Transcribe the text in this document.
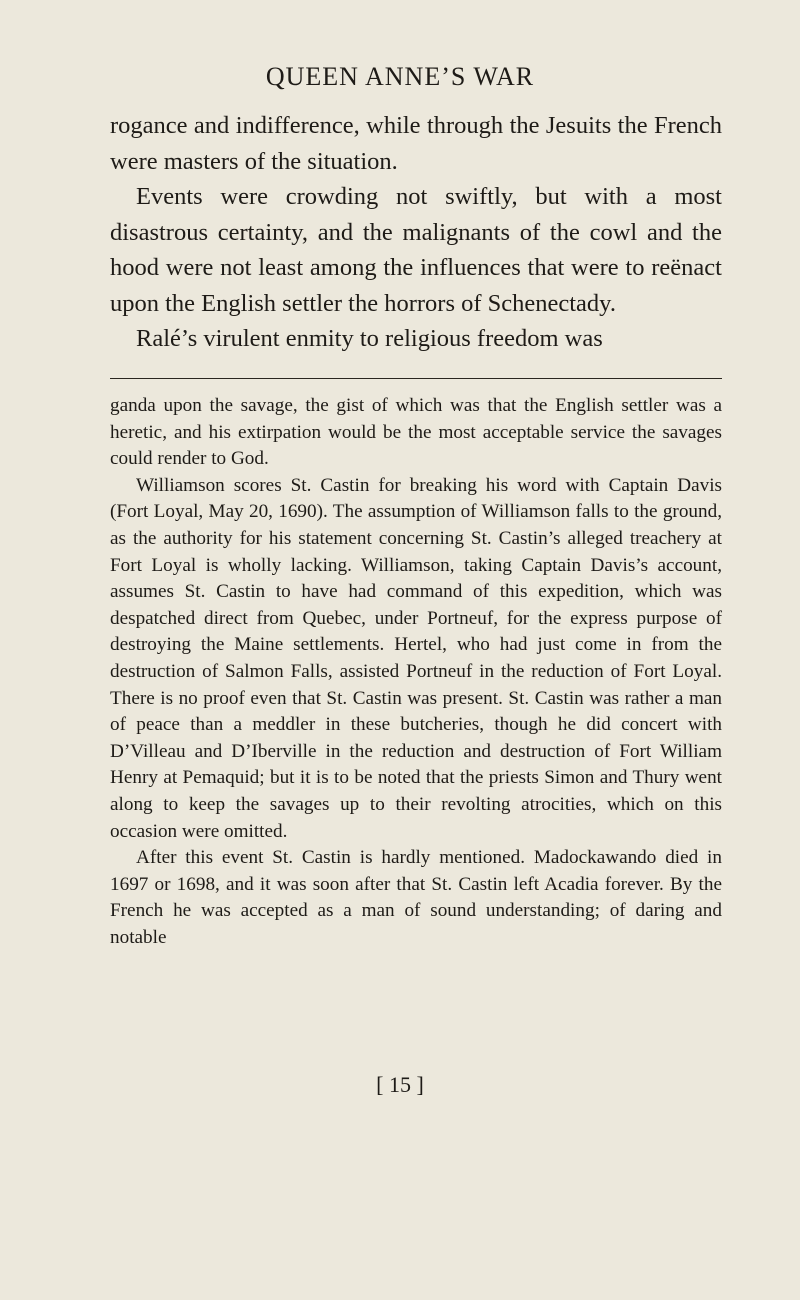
QUEEN ANNE’S WAR

rogance and indifference, while through the Jesuits the French were masters of the situation.

Events were crowding not swiftly, but with a most disastrous certainty, and the malignants of the cowl and the hood were not least among the influences that were to reënact upon the English settler the horrors of Schenectady.

Ralé’s virulent enmity to religious freedom was

ganda upon the savage, the gist of which was that the English settler was a heretic, and his extirpation would be the most acceptable service the savages could render to God.

Williamson scores St. Castin for breaking his word with Captain Davis (Fort Loyal, May 20, 1690). The assumption of Williamson falls to the ground, as the authority for his statement concerning St. Castin’s alleged treachery at Fort Loyal is wholly lacking. Williamson, taking Captain Davis’s account, assumes St. Castin to have had command of this expedition, which was despatched direct from Quebec, under Portneuf, for the express purpose of destroying the Maine settlements. Hertel, who had just come in from the destruction of Salmon Falls, assisted Portneuf in the reduction of Fort Loyal. There is no proof even that St. Castin was present. St. Castin was rather a man of peace than a meddler in these butcheries, though he did concert with D’Villeau and D’Iberville in the reduction and destruction of Fort William Henry at Pemaquid; but it is to be noted that the priests Simon and Thury went along to keep the savages up to their revolting atrocities, which on this occasion were omitted.

After this event St. Castin is hardly mentioned. Madockawando died in 1697 or 1698, and it was soon after that St. Castin left Acadia forever. By the French he was accepted as a man of sound understanding; of daring and notable

[ 15 ]
